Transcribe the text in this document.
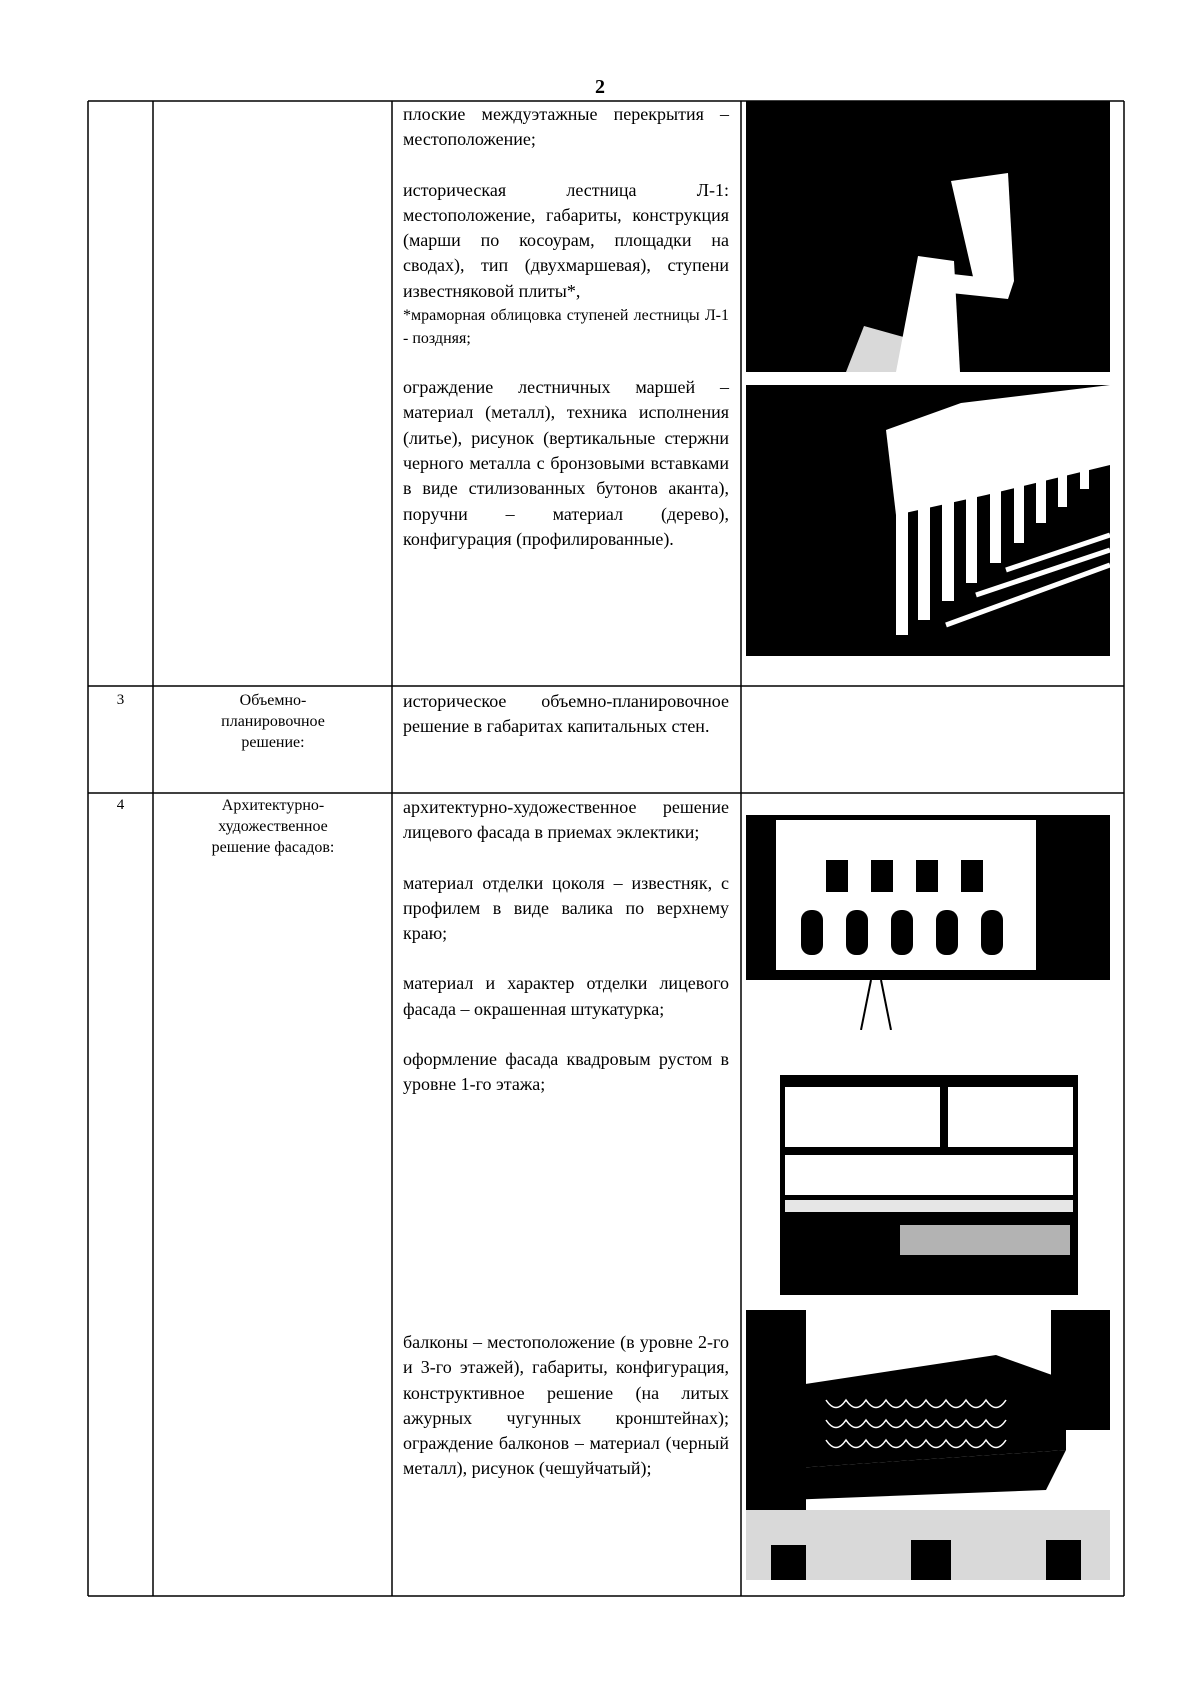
2

плоские междуэтажные перекрытия – местоположение;

историческая лестница Л-1: местоположение, габариты, конструкция (марши по косоурам, площадки на сводах), тип (двухмаршевая), ступени известняковой плиты*,

*мраморная облицовка ступеней лестницы Л-1 - поздняя;

ограждение лестничных маршей – материал (металл), техника исполнения (литье), рисунок (вертикальные стержни черного металла с бронзовыми вставками в виде стилизованных бутонов аканта), поручни – материал (дерево), конфигурация (профилированные).

3	Объемно-планировочное решение:

историческое объемно-планировочное решение в габаритах капитальных стен.

4	Архитектурно-художественное решение фасадов:

архитектурно-художественное решение лицевого фасада в приемах эклектики;

материал отделки цоколя – известняк, с профилем в виде валика по верхнему краю;

материал и характер отделки лицевого фасада – окрашенная штукатурка;

оформление фасада квадровым рустом в уровне 1-го этажа;

балконы – местоположение (в уровне 2-го и 3-го этажей), габариты, конфигурация, конструктивное решение (на литых ажурных чугунных кронштейнах); ограждение балконов – материал (черный металл), рисунок (чешуйчатый);
